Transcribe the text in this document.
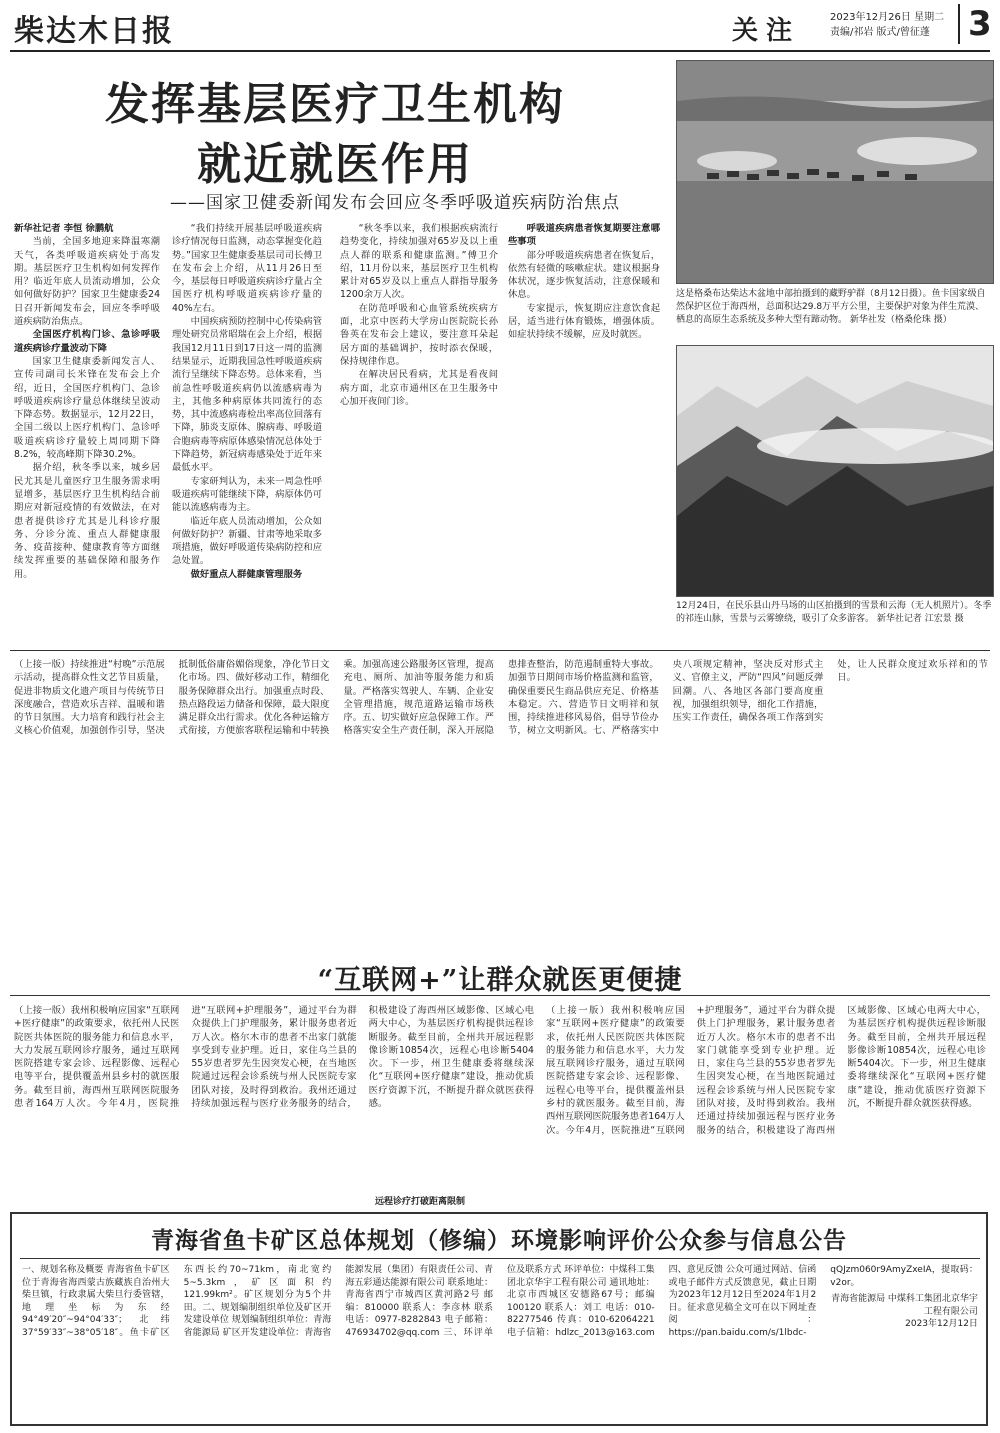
柴达木日报	关注	2023年12月26日 星期二
责编/祁岩 版式/曾征蓬	3
发挥基层医疗卫生机构
就近就医作用
——国家卫健委新闻发布会回应冬季呼吸道疾病防治焦点

新华社记者 李恒 徐鹏航

当前，全国多地迎来降温寒潮天气，各类呼吸道疾病处于高发期。基层医疗卫生机构如何发挥作用？临近年底人员流动增加，公众如何做好防护？国家卫生健康委24日召开新闻发布会，回应冬季呼吸道疾病防治焦点。

全国医疗机构门诊、急诊呼吸道疾病诊疗量波动下降

国家卫生健康委新闻发言人、宣传司副司长米锋在发布会上介绍，近日，全国医疗机构门、急诊呼吸道疾病诊疗量总体继续呈波动下降态势。数据显示，12月22日，全国二级以上医疗机构门、急诊呼吸道疾病诊疗量较上周同期下降8.2%，较高峰期下降30.2%。

据介绍，秋冬季以来，城乡居民尤其是儿童医疗卫生服务需求明显增多，基层医疗卫生机构结合前期应对新冠疫情的有效做法，在对患者提供诊疗尤其是儿科诊疗服务、分诊分流、重点人群健康服务、疫苗接种、健康教育等方面继续发挥重要的基础保障和服务作用。

“我们持续开展基层呼吸道疾病诊疗情况每日监测，动态掌握变化趋势。”国家卫生健康委基层司司长傅卫在发布会上介绍，从11月26日至今，基层每日呼吸道疾病诊疗量占全国医疗机构呼吸道疾病诊疗量的40%左右。

中国疾病预防控制中心传染病管理处研究员常昭瑞在会上介绍，根据我国12月11日到17日这一周的监测结果显示，近期我国急性呼吸道疾病流行呈继续下降态势。总体来看，当前急性呼吸道疾病仍以流感病毒为主，其他多种病原体共同流行的态势，其中流感病毒检出率高位回落有下降，肺炎支原体、腺病毒、呼吸道合胞病毒等病原体感染情况总体处于下降趋势，新冠病毒感染处于近年来最低水平。

专家研判认为，未来一周急性呼吸道疾病可能继续下降，病原体仍可能以流感病毒为主。

临近年底人员流动增加，公众如何做好防护？新疆、甘肃等地采取多项措施，做好呼吸道传染病防控和应急处置。

做好重点人群健康管理服务

“秋冬季以来，我们根据疾病流行趋势变化，持续加强对65岁及以上重点人群的联系和健康监测。”傅卫介绍，11月份以来，基层医疗卫生机构累计对65岁及以上重点人群指导服务1200余万人次。

在防范呼吸和心血管系统疾病方面，北京中医药大学房山医院院长孙鲁英在发布会上建议，要注意耳朵起居方面的基础调护，按时添衣保暖，保持规律作息。

在解决居民看病，尤其是看夜间病方面，北京市通州区在卫生服务中心加开夜间门诊。

呼吸道疾病患者恢复期要注意哪些事项

部分呼吸道疾病患者在恢复后，依然有轻微的咳嗽症状。建议根据身体状况，逐步恢复活动，注意保暖和休息。

专家提示，恢复期应注意饮食起居，适当进行体育锻炼，增强体质。如症状持续不缓解，应及时就医。

这是格桑布达柴达木盆地中部拍摄到的藏野驴群（8月12日摄）。鱼卡国家级自然保护区位于海西州，总面积达29.8万平方公里，主要保护对象为伴生荒漠、栖息的高原生态系统及多种大型有蹄动物。 新华社发（格桑伦珠 摄）
12月24日，在民乐县山丹马场的山区拍摄到的雪景和云海（无人机照片）。冬季的祁连山脉，雪景与云雾缭绕，吸引了众多游客。 新华社记者 江宏景 摄
（上接一版）持续推进“村晚”示范展示活动，提高群众性文艺节目质量，促进非物质文化遗产项目与传统节日深度融合，营造欢乐吉祥、温暖和谐的节日氛围。大力培育和践行社会主义核心价值观，加强创作引导，坚决抵制低俗庸俗媚俗现象，净化节日文化市场。四、做好移动工作，精细化服务保障群众出行。加强重点时段、热点路段运力储备和保障，最大限度满足群众出行需求。优化各种运输方式衔接，方便旅客联程运输和中转换乘。加强高速公路服务区管理，提高充电、厕所、加油等服务能力和质量。严格落实驾驶人、车辆、企业安全管理措施，规范道路运输市场秩序。五、切实做好应急保障工作。严格落实安全生产责任制，深入开展隐患排查整治，防范遏制重特大事故。加强节日期间市场价格监测和监管，确保重要民生商品供应充足、价格基本稳定。六、营造节日文明祥和氛围，持续推进移风易俗，倡导节俭办节，树立文明新风。七、严格落实中央八项规定精神，坚决反对形式主义、官僚主义，严防“四风”问题反弹回潮。八、各地区各部门要高度重视，加强组织领导，细化工作措施，压实工作责任，确保各项工作落到实处，让人民群众度过欢乐祥和的节日。
“互联网+”让群众就医更便捷
（上接一版）我州积极响应国家“互联网+医疗健康”的政策要求，依托州人民医院医共体医院的服务能力和信息水平，大力发展互联网诊疗服务，通过互联网医院搭建专家会诊、远程影像、远程心电等平台，提供覆盖州县乡村的就医服务。截至目前，海西州互联网医院服务患者164万人次。今年4月，医院推进“互联网+护理服务”，通过平台为群众提供上门护理服务，累计服务患者近万人次。格尔木市的患者不出家门就能享受到专业护理。近日，家住乌兰县的55岁患者罗先生因突发心梗，在当地医院通过远程会诊系统与州人民医院专家团队对接，及时得到救治。我州还通过持续加强远程与医疗业务服务的结合，积极建设了海西州区域影像、区域心电两大中心，为基层医疗机构提供远程诊断服务。截至目前，全州共开展远程影像诊断10854次，远程心电诊断5404次。下一步，州卫生健康委将继续深化“互联网+医疗健康”建设，推动优质医疗资源下沉，不断提升群众就医获得感。
（上接一版）我州积极响应国家“互联网+医疗健康”的政策要求，依托州人民医院医共体医院的服务能力和信息水平，大力发展互联网诊疗服务，通过互联网医院搭建专家会诊、远程影像、远程心电等平台，提供覆盖州县乡村的就医服务。截至目前，海西州互联网医院服务患者164万人次。今年4月，医院推进“互联网+护理服务”，通过平台为群众提供上门护理服务，累计服务患者近万人次。格尔木市的患者不出家门就能享受到专业护理。近日，家住乌兰县的55岁患者罗先生因突发心梗，在当地医院通过远程会诊系统与州人民医院专家团队对接，及时得到救治。我州还通过持续加强远程与医疗业务服务的结合，积极建设了海西州区域影像、区域心电两大中心，为基层医疗机构提供远程诊断服务。截至目前，全州共开展远程影像诊断10854次，远程心电诊断5404次。下一步，州卫生健康委将继续深化“互联网+医疗健康”建设，推动优质医疗资源下沉，不断提升群众就医获得感。
远程诊疗打破距离限制
青海省鱼卡矿区总体规划（修编）环境影响评价公众参与信息公告
一、规划名称及概要 青海省鱼卡矿区位于青海省海西蒙古族藏族自治州大柴旦镇，行政隶属大柴旦行委管辖，地理坐标为东经94°49′20″~94°04′33″；北纬37°59′33″~38°05′18″。鱼卡矿区东西长约70~71km，南北宽约5~5.3km，矿区面积约121.99km²。矿区规划分为5个井田。二、规划编制组织单位及矿区开发建设单位 规划编制组织单位：青海省能源局 矿区开发建设单位：青海省能源发展（集团）有限责任公司、青海五彩通达能源有限公司 联系地址：青海省西宁市城西区黄河路2号 邮编：810000 联系人：李彦林 联系电话：0977-8282843 电子邮箱：476934702@qq.com 三、环评单位及联系方式 环评单位：中煤科工集团北京华宇工程有限公司 通讯地址：北京市西城区安德路67号；邮编100120 联系人：刘工 电话：010-82277546 传真：010-62064221 电子信箱：hdlzc_2013@163.com 四、意见反馈 公众可通过网站、信函或电子邮件方式反馈意见，截止日期为2023年12月12日至2024年1月2日。征求意见稿全文可在以下网址查阅：https://pan.baidu.com/s/1lbdc-qQJzm060r9AmyZxeIA，提取码：v2or。
青海省能源局 中煤科工集团北京华宇工程有限公司
2023年12月12日
